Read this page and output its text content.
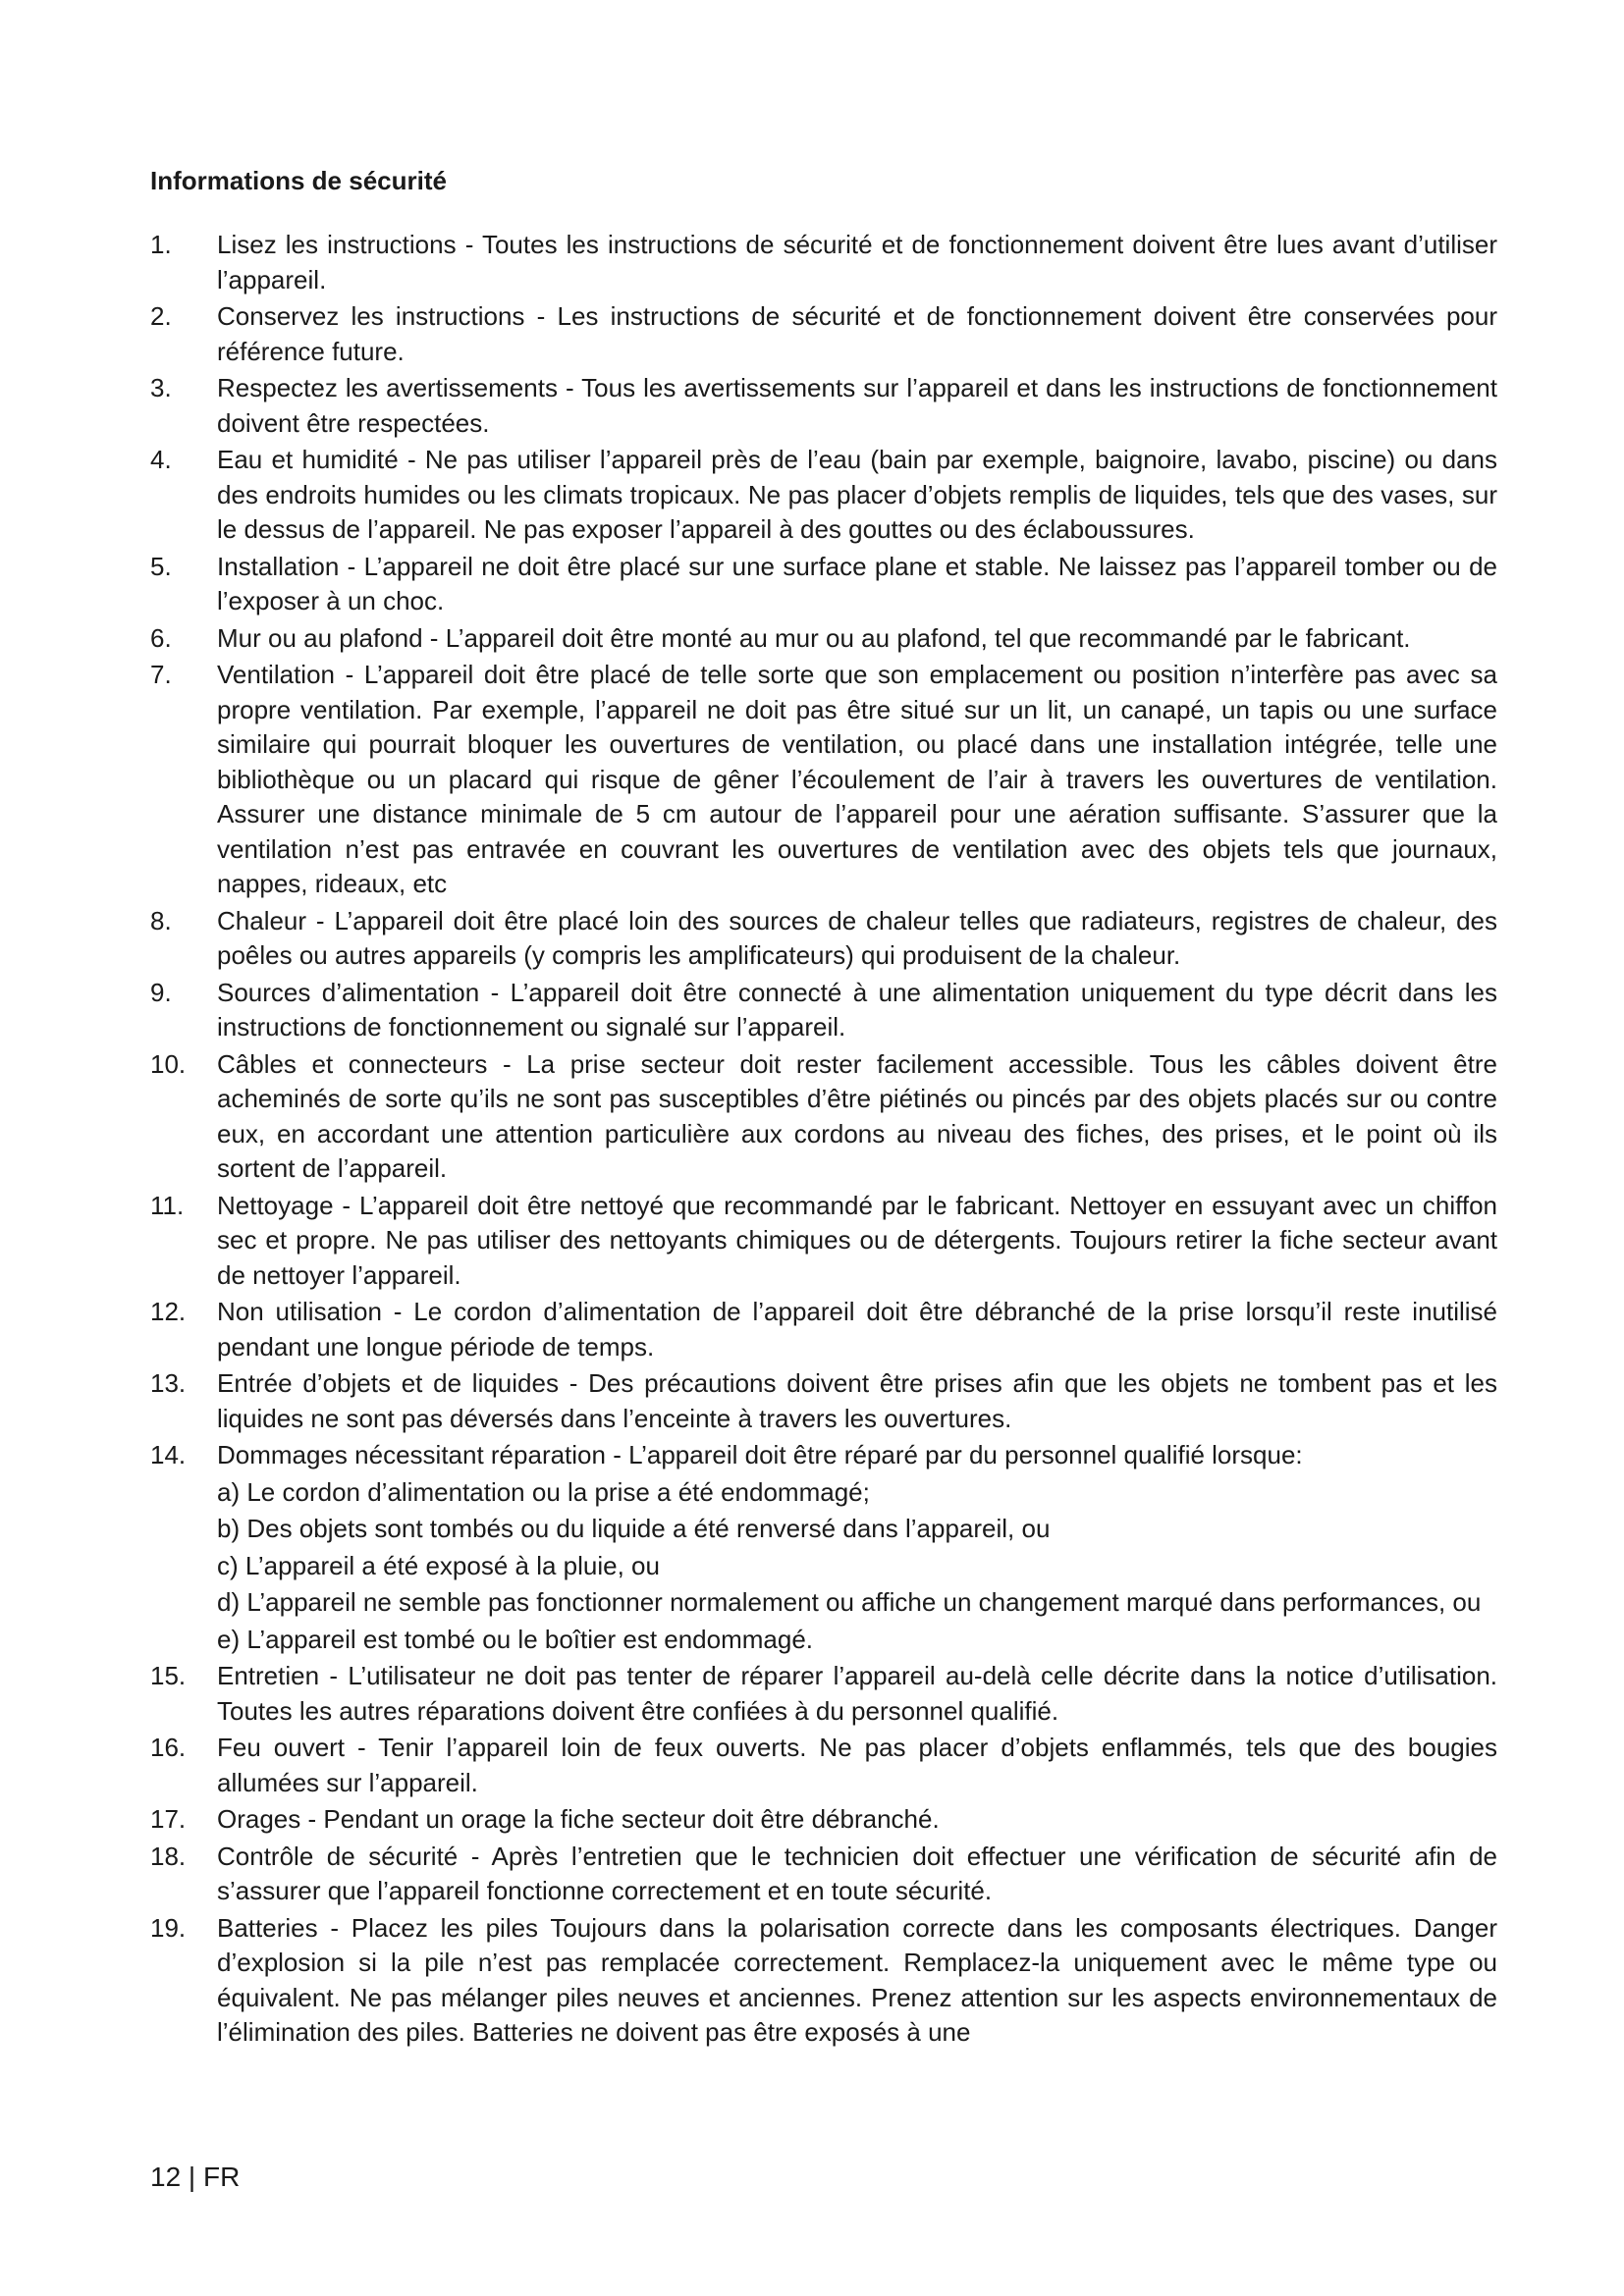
Informations de sécurité
1. Lisez les instructions - Toutes les instructions de sécurité et de fonctionnement doivent être lues avant d’utiliser l’appareil.
2. Conservez les instructions - Les instructions de sécurité et de fonctionnement doivent être conservées pour référence future.
3. Respectez les avertissements - Tous les avertissements sur l’appareil et dans les instructions de fonctionnement doivent être respectées.
4. Eau et humidité - Ne pas utiliser l’appareil près de l’eau (bain par exemple, baignoire, lavabo, piscine) ou dans des endroits humides ou les climats tropicaux. Ne pas placer d’objets remplis de liquides, tels que des vases, sur le dessus de l’appareil. Ne pas exposer l’appareil à des gouttes ou des éclaboussures.
5. Installation - L’appareil ne doit être placé sur une surface plane et stable. Ne laissez pas l’appareil tomber ou de l’exposer à un choc.
6. Mur ou au plafond - L’appareil doit être monté au mur ou au plafond, tel que recommandé par le fabricant.
7. Ventilation - L’appareil doit être placé de telle sorte que son emplacement ou position n’interfère pas avec sa propre ventilation. Par exemple, l’appareil ne doit pas être situé sur un lit, un canapé, un tapis ou une surface similaire qui pourrait bloquer les ouvertures de ventilation, ou placé dans une installation intégrée, telle une bibliothèque ou un placard qui risque de gêner l’écoulement de l’air à travers les ouvertures de ventilation. Assurer une distance minimale de 5 cm autour de l’appareil pour une aération suffisante. S’assurer que la ventilation n’est pas entravée en couvrant les ouvertures de ventilation avec des objets tels que journaux, nappes, rideaux, etc
8. Chaleur - L’appareil doit être placé loin des sources de chaleur telles que radiateurs, registres de chaleur, des poêles ou autres appareils (y compris les amplificateurs) qui produisent de la chaleur.
9. Sources d’alimentation - L’appareil doit être connecté à une alimentation uniquement du type décrit dans les instructions de fonctionnement ou signalé sur l’appareil.
10. Câbles et connecteurs - La prise secteur doit rester facilement accessible. Tous les câbles doivent être acheminés de sorte qu’ils ne sont pas susceptibles d’être piétinés ou pincés par des objets placés sur ou contre eux, en accordant une attention particulière aux cordons au niveau des fiches, des prises, et le point où ils sortent de l’appareil.
11. Nettoyage - L’appareil doit être nettoyé que recommandé par le fabricant. Nettoyer en essuyant avec un chiffon sec et propre. Ne pas utiliser des nettoyants chimiques ou de détergents. Toujours retirer la fiche secteur avant de nettoyer l’appareil.
12. Non utilisation - Le cordon d’alimentation de l’appareil doit être débranché de la prise lorsqu’il reste inutilisé pendant une longue période de temps.
13. Entrée d’objets et de liquides - Des précautions doivent être prises afin que les objets ne tombent pas et les liquides ne sont pas déversés dans l’enceinte à travers les ouvertures.
14. Dommages nécessitant réparation - L’appareil doit être réparé par du personnel qualifié lorsque:
a) Le cordon d’alimentation ou la prise a été endommagé;
b) Des objets sont tombés ou du liquide a été renversé dans l’appareil, ou
c) L’appareil a été exposé à la pluie, ou
d) L’appareil ne semble pas fonctionner normalement ou affiche un changement marqué dans performances, ou
e) L’appareil est tombé ou le boîtier est endommagé.
15. Entretien - L’utilisateur ne doit pas tenter de réparer l’appareil au-delà celle décrite dans la notice d’utilisation. Toutes les autres réparations doivent être confiées à du personnel qualifié.
16. Feu ouvert - Tenir l’appareil loin de feux ouverts. Ne pas placer d’objets enflammés, tels que des bougies allumées sur l’appareil.
17. Orages - Pendant un orage la fiche secteur doit être débranché.
18. Contrôle de sécurité - Après l’entretien que le technicien doit effectuer une vérification de sécurité afin de s’assurer que l’appareil fonctionne correctement et en toute sécurité.
19. Batteries - Placez les piles Toujours dans la polarisation correcte dans les composants électriques. Danger d’explosion si la pile n’est pas remplacée correctement. Remplacez-la uniquement avec le même type ou équivalent. Ne pas mélanger piles neuves et anciennes. Prenez attention sur les aspects environnementaux de l’élimination des piles. Batteries ne doivent pas être exposés à une
12 | FR
